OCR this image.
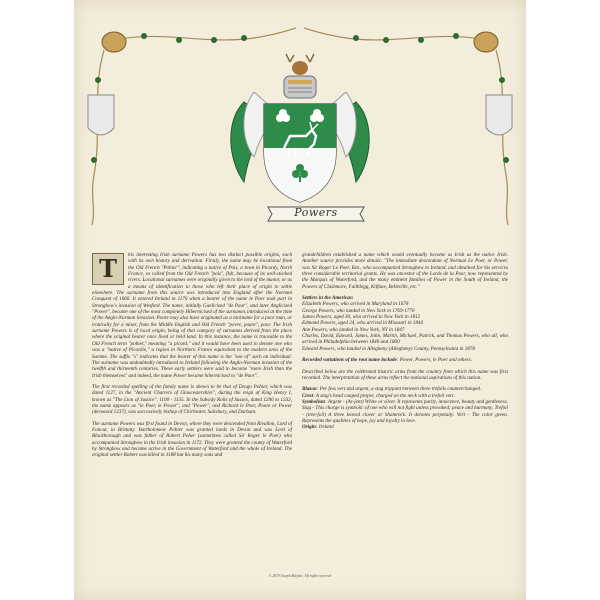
Powers

T	his interesting Irish surname Powers has two distinct possible origins, each with its own history and derivation. Firstly, the name may be locational from the Old French "Pohier", indicating a native of Pois, a town in Picardy, North France, so called from the Old French "pois", fish, because of its well-stocked rivers. Locational surnames were originally given to the lord of the manor, or as a means of identification to those who left their place of origin to settle elsewhere. The surname from this source was introduced into England after the Norman Conquest of 1066. It entered Ireland in 1170 when a bearer of the name le Poer took part in Strongbow's invasion of Wexford. The name, initially Gaelicized "de Paor", and later Anglicized "Power", became one of the most completely Hibernicised of the surnames introduced at the time of the Anglo-Norman invasion. Poore may also have originated as a nickname for a poor man, or ironically for a miser, from the Middle English and Old French "povre, poure", poor. The Irish surname Powers is of local origin, being of that category of surnames derived from the place where the original bearer once lived or held land. In this instance, the name is traceable to the Old French term "pohier," meaning "a picard," and it would have been used to denote one who was a "native of Picardie," a region in Northern France equivalent to the modern area of the Somme. The suffix "s" indicates that the bearer of this name is the "son of" such an individual. The surname was undoubtedly introduced to Ireland following the Anglo-Norman invasion of the twelfth and thirteenth centuries. These early settlers were said to become "more Irish than the Irish themselves" and indeed, the name Power became hibernicised to "de Paor".

The first recorded spelling of the family name is shown to be that of Drogo Pohier, which was dated 1127, in the "Ancient Charters of Gloucestershire", during the reign of King Henry I, known as "The Lion of Justice", 1100 - 1135. In the Subsidy Rolls of Sussex, dated 1296 to 1332, the name appears as "le Poer, le Power", and "Power", and Richard le Poer, Poore or Power (deceased 1237), was successively bishop of Chichester, Salisbury, and Durham.

The surname Powers was first found in Devon, where they were descended from Rivallon, Lord of Foncur, in Brittany. Bartholomew Pohier was granted lands in Devon and was Lord of Blackborough and was father of Robert Poher (sometimes called Sir Roger le Poer) who accompanied Strongbow in the Irish invasion in 1172. They were granted the county of Waterford by Strongbow and became active in the Government of Waterford and the whole of Ireland. The original settler Robert was killed in 1188 but his many sons and

grandchildren established a name which would eventually become as Irish as the native Irish. Another source provides more details: "The immediate descendant of Norman Le Poer, or Power, was Sir Roger Le Poer, Knt., who accompanied Strongbow to Ireland, and obtained for his services three considerable territorial grants. He was ancestor of the Lords de la Poer, now represented by the Marquis of Waterford, and the many eminent families of Power in the South of Ireland, the Powers of Clashmore, Faithlegg, Kilfane, Belleville, etc."

Settlers in the Americas:
Elizabeth Powers, who arrived in Maryland in 1678
George Powers, who landed in New York in 1769-1770
James Powers, aged 30, who arrived in New York in 1812
Edmond Powers, aged 24, who arrived in Missouri in 1844
Ann Powers, who landed in New York, NY in 1847
Charles, David, Edward, James, John, Martin, Michael, Patrick, and Thomas Powers, who all, who arrived in Philadelphia between 1840 and 1860
Edward Powers, who landed in Allegheny (Allegheny) County, Pennsylvania in 1878

Recorded variations of the root name include: Power, Powers, le Poer and others.

Described below are the celebrated historic arms from the country from which this name was first recorded. The interpretation of these arms reflect the national aspirations of this nation.

Blazon: Per fess vert and argent, a stag trippant between three trefoils counterchanged.

Crest: A stag's head couped proper, charged on the neck with a trefoil vert.

Symbolism: Argent - (Ar-jent) White or silver. It represents purity, innocence, beauty and gentleness. Stag - This charge is symbolic of one who will not fight unless provoked; peace and harmony. Trefoil - (tree-foil) A three leaved clover or Shamrock. It denotes perpetuity. Vert - The color green. Represents the qualities of hope, joy and loyalty in love.

Origin: Ireland

© 2019 Joseph Maybee. All rights reserved
